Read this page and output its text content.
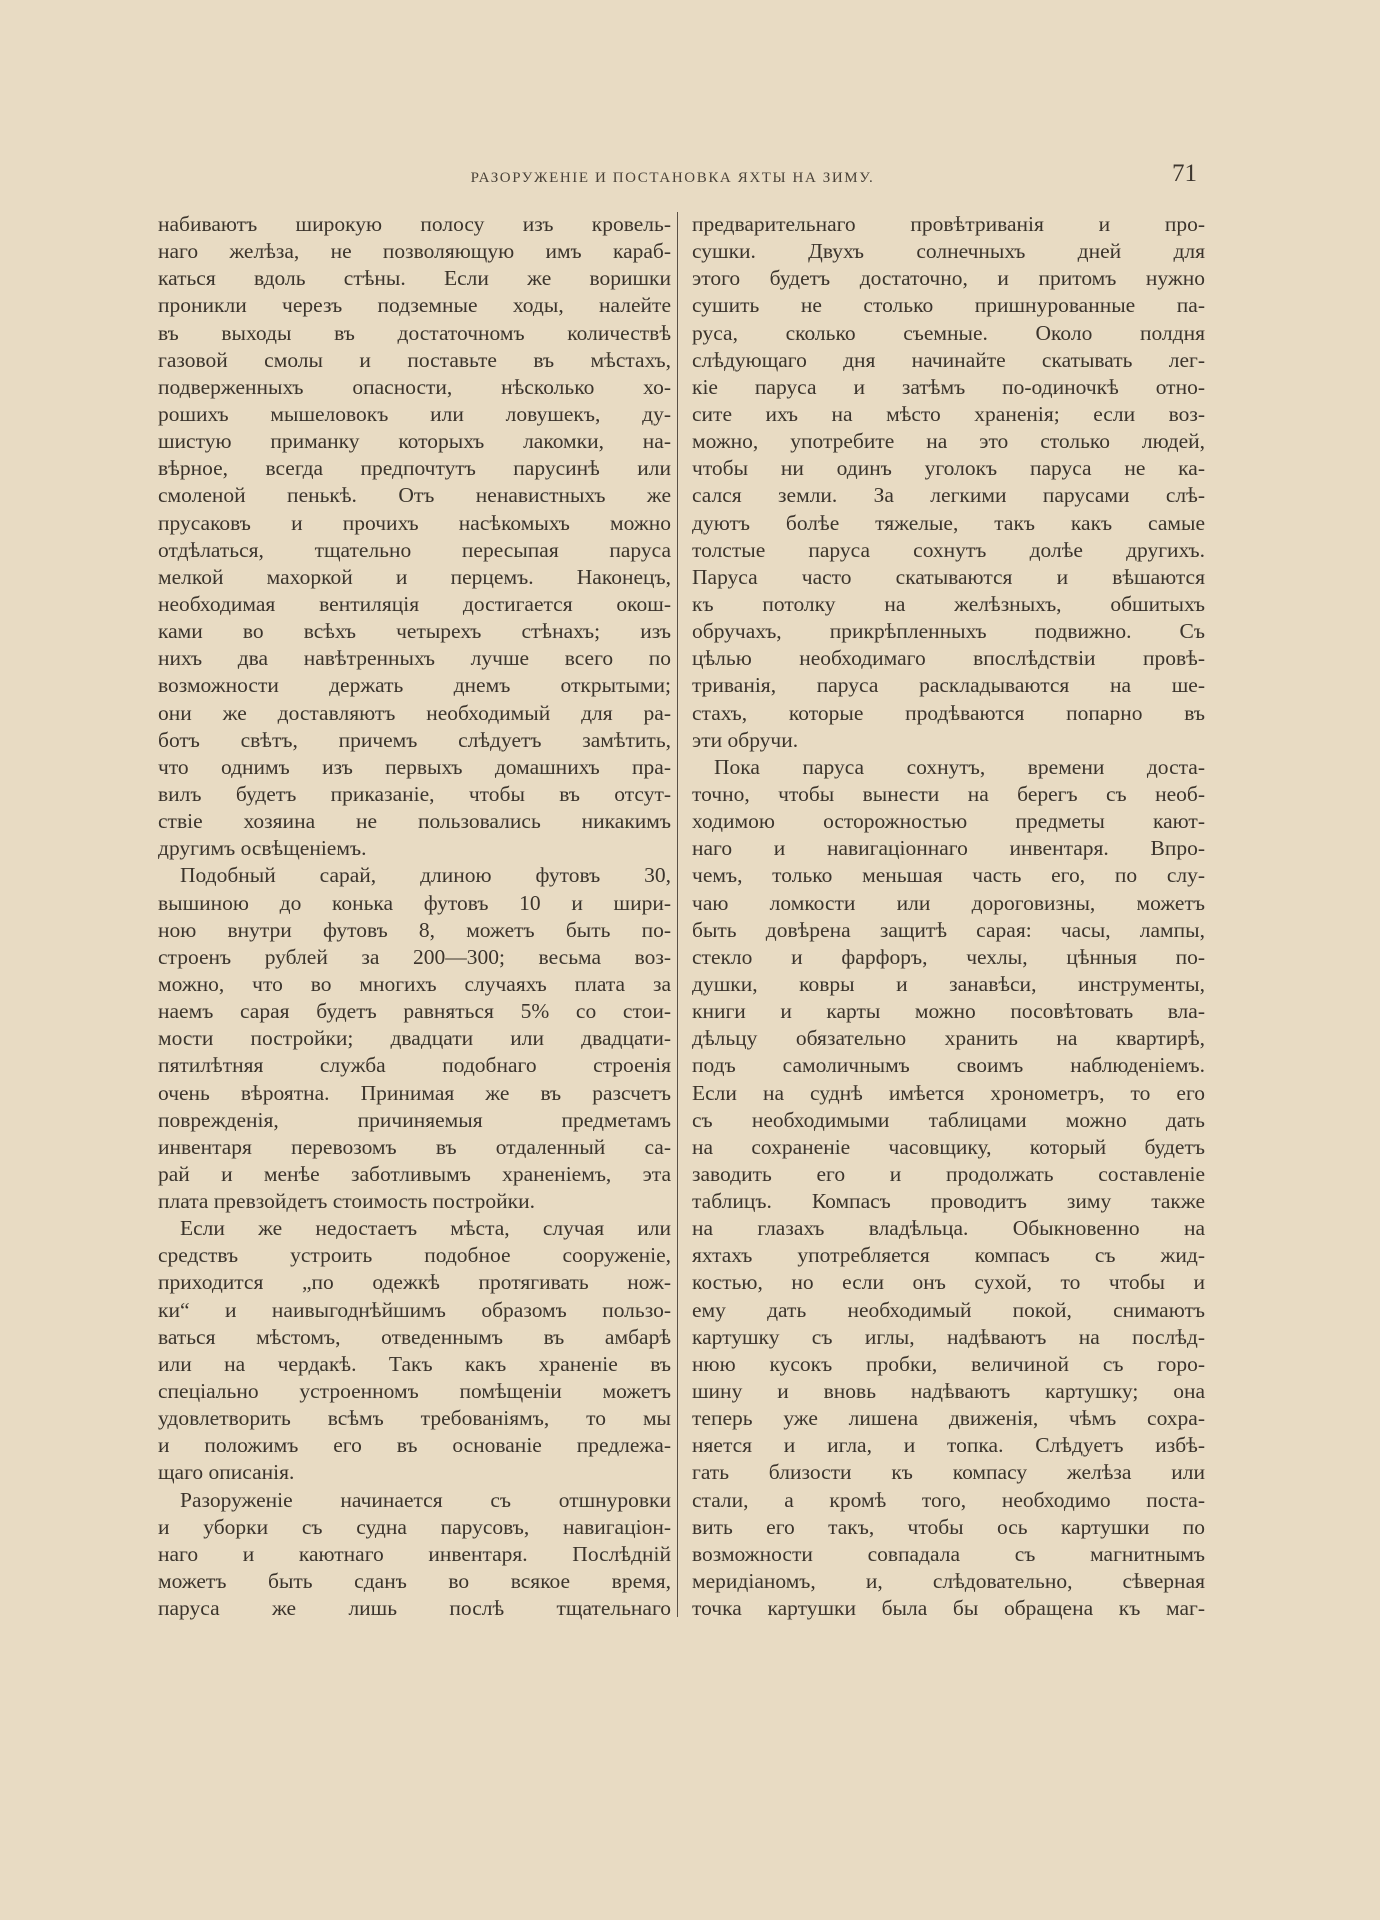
РАЗОРУЖЕНІЕ И ПОСТАНОВКА ЯХТЫ НА ЗИМУ.	71
набиваютъ широкую полосу изъ кровель-
наго желѣза, не позволяющую имъ караб-
каться вдоль стѣны. Если же воришки
проникли черезъ подземные ходы, налейте
въ выходы въ достаточномъ количествѣ
газовой смолы и поставьте въ мѣстахъ,
подверженныхъ опасности, нѣсколько хо-
рошихъ мышеловокъ или ловушекъ, ду-
шистую приманку которыхъ лакомки, на-
вѣрное, всегда предпочтутъ парусинѣ или
смоленой пенькѣ. Отъ ненавистныхъ же
прусаковъ и прочихъ насѣкомыхъ можно
отдѣлаться, тщательно пересыпая паруса
мелкой махоркой и перцемъ. Наконецъ,
необходимая вентиляція достигается окош-
ками во всѣхъ четырехъ стѣнахъ; изъ
нихъ два навѣтренныхъ лучше всего по
возможности держать днемъ открытыми;
они же доставляютъ необходимый для ра-
ботъ свѣтъ, причемъ слѣдуетъ замѣтить,
что однимъ изъ первыхъ домашнихъ пра-
вилъ будетъ приказаніе, чтобы въ отсут-
ствіе хозяина не пользовались никакимъ
другимъ освѣщеніемъ.
Подобный сарай, длиною футовъ 30,
вышиною до конька футовъ 10 и шири-
ною внутри футовъ 8, можетъ быть по-
строенъ рублей за 200—300; весьма воз-
можно, что во многихъ случаяхъ плата за
наемъ сарая будетъ равняться 5% со стои-
мости постройки; двадцати или двадцати-
пятилѣтняя служба подобнаго строенія
очень вѣроятна. Принимая же въ разсчетъ
поврежденія, причиняемыя предметамъ
инвентаря перевозомъ въ отдаленный са-
рай и менѣе заботливымъ храненіемъ, эта
плата превзойдетъ стоимость постройки.
Если же недостаетъ мѣста, случая или
средствъ устроить подобное сооруженіе,
приходится „по одежкѣ протягивать нож-
ки“ и наивыгоднѣйшимъ образомъ пользо-
ваться мѣстомъ, отведеннымъ въ амбарѣ
или на чердакѣ. Такъ какъ храненіе въ
спеціально устроенномъ помѣщеніи можетъ
удовлетворить всѣмъ требованіямъ, то мы
и положимъ его въ основаніе предлежа-
щаго описанія.
Разоруженіе начинается съ отшнуровки
и уборки съ судна парусовъ, навигаціон-
наго и каютнаго инвентаря. Послѣдній
можетъ быть сданъ во всякое время,
паруса же лишь послѣ тщательнаго
предварительнаго провѣтриванія и про-
сушки. Двухъ солнечныхъ дней для
этого будетъ достаточно, и притомъ нужно
сушить не столько пришнурованные па-
руса, сколько съемные. Около полдня
слѣдующаго дня начинайте скатывать лег-
кіе паруса и затѣмъ по-одиночкѣ отно-
сите ихъ на мѣсто храненія; если воз-
можно, употребите на это столько людей,
чтобы ни одинъ уголокъ паруса не ка-
сался земли. За легкими парусами слѣ-
дуютъ болѣе тяжелые, такъ какъ самые
толстые паруса сохнутъ долѣе другихъ.
Паруса часто скатываются и вѣшаются
къ потолку на желѣзныхъ, обшитыхъ
обручахъ, прикрѣпленныхъ подвижно. Съ
цѣлью необходимаго впослѣдствіи провѣ-
триванія, паруса раскладываются на ше-
стахъ, которые продѣваются попарно въ
эти обручи.
Пока паруса сохнутъ, времени доста-
точно, чтобы вынести на берегъ съ необ-
ходимою осторожностью предметы кают-
наго и навигаціоннаго инвентаря. Впро-
чемъ, только меньшая часть его, по слу-
чаю ломкости или дороговизны, можетъ
быть довѣрена защитѣ сарая: часы, лампы,
стекло и фарфоръ, чехлы, цѣнныя по-
душки, ковры и занавѣси, инструменты,
книги и карты можно посовѣтовать вла-
дѣльцу обязательно хранить на квартирѣ,
подъ самоличнымъ своимъ наблюденіемъ.
Если на суднѣ имѣется хронометръ, то его
съ необходимыми таблицами можно дать
на сохраненіе часовщику, который будетъ
заводить его и продолжать составленіе
таблицъ. Компасъ проводитъ зиму также
на глазахъ владѣльца. Обыкновенно на
яхтахъ употребляется компасъ съ жид-
костью, но если онъ сухой, то чтобы и
ему дать необходимый покой, снимаютъ
картушку съ иглы, надѣваютъ на послѣд-
нюю кусокъ пробки, величиной съ горо-
шину и вновь надѣваютъ картушку; она
теперь уже лишена движенія, чѣмъ сохра-
няется и игла, и топка. Слѣдуетъ избѣ-
гать близости къ компасу желѣза или
стали, а кромѣ того, необходимо поста-
вить его такъ, чтобы ось картушки по
возможности совпадала съ магнитнымъ
меридіаномъ, и, слѣдовательно, сѣверная
точка картушки была бы обращена къ маг-
